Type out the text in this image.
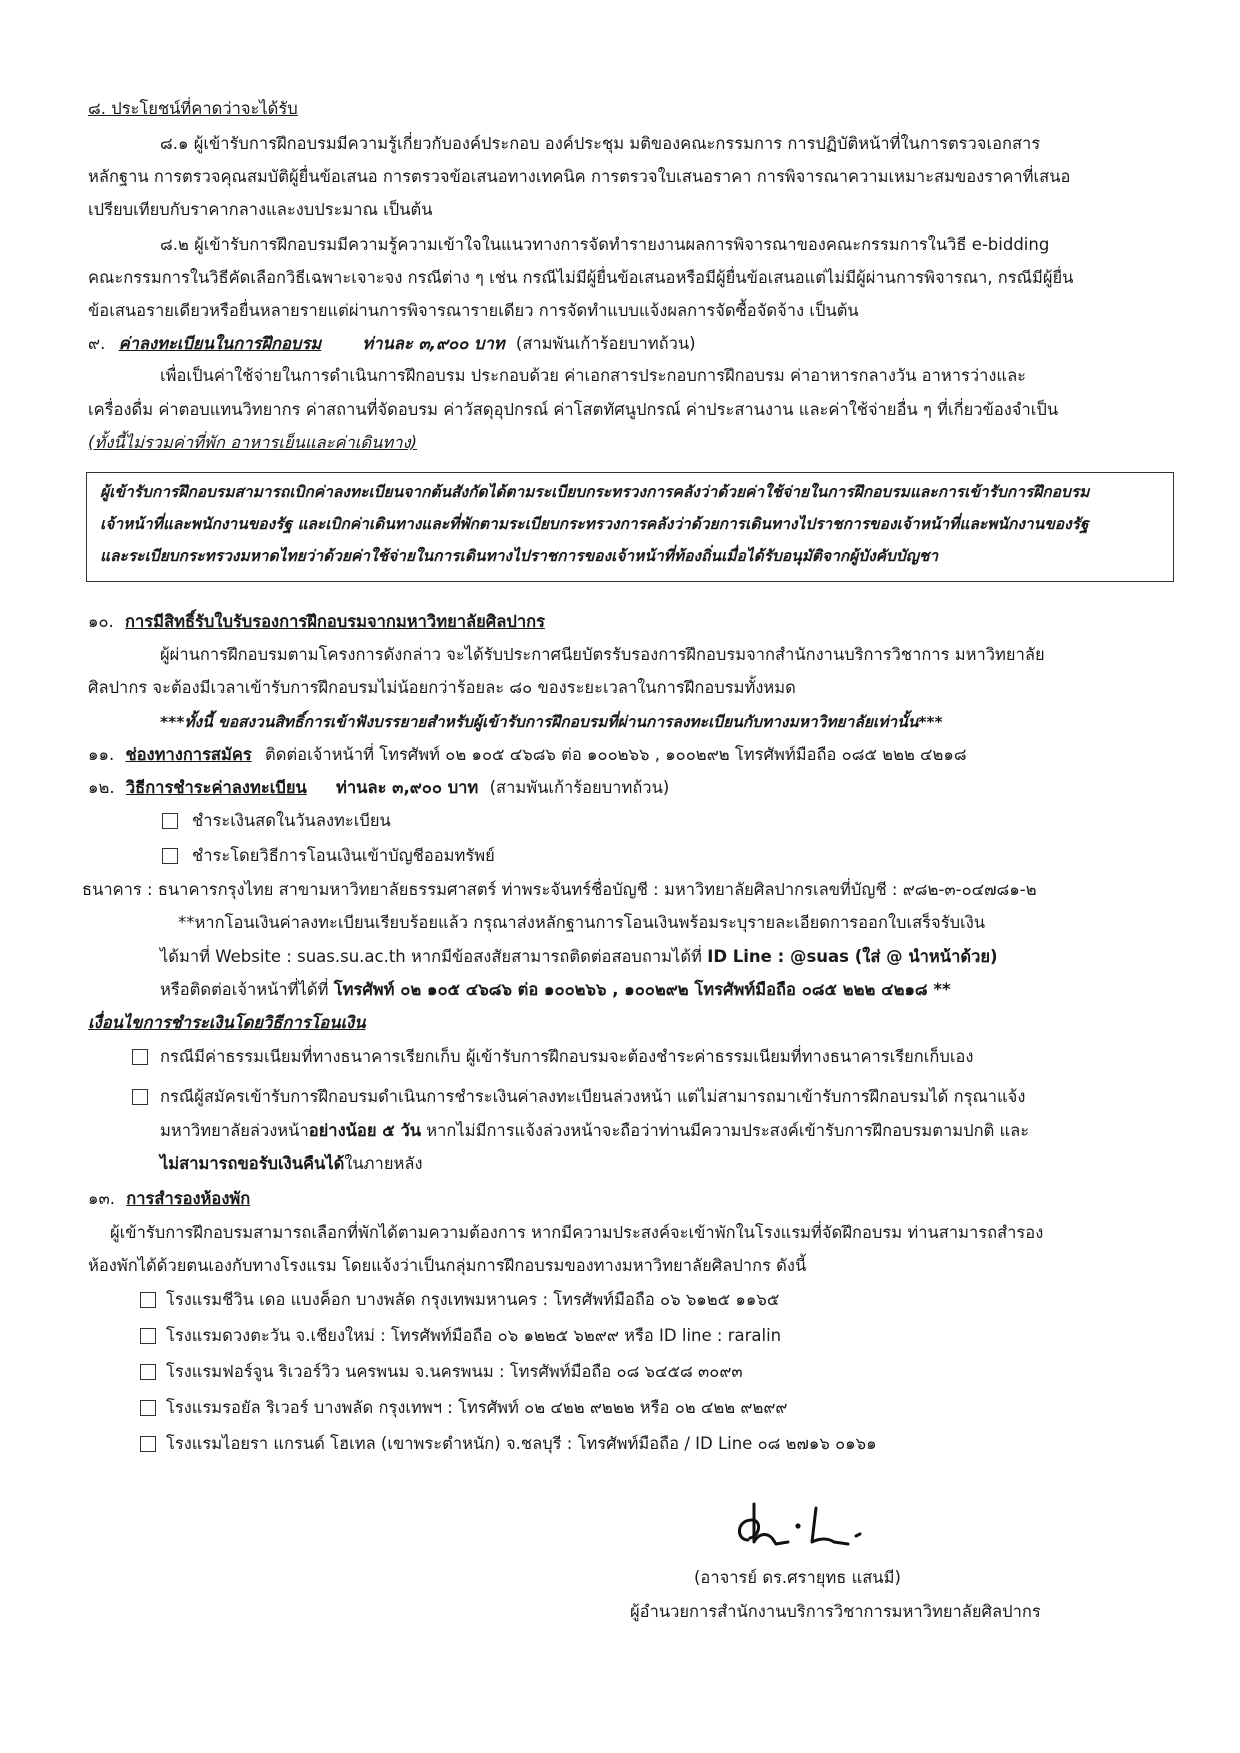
๘. ประโยชน์ที่คาดว่าจะได้รับ
๘.๑ ผู้เข้ารับการฝึกอบรมมีความรู้เกี่ยวกับองค์ประกอบ องค์ประชุม มติของคณะกรรมการ การปฏิบัติหน้าที่ในการตรวจเอกสาร
หลักฐาน การตรวจคุณสมบัติผู้ยื่นข้อเสนอ การตรวจข้อเสนอทางเทคนิค การตรวจใบเสนอราคา การพิจารณาความเหมาะสมของราคาที่เสนอ
เปรียบเทียบกับราคากลางและงบประมาณ เป็นต้น
๘.๒ ผู้เข้ารับการฝึกอบรมมีความรู้ความเข้าใจในแนวทางการจัดทำรายงานผลการพิจารณาของคณะกรรมการในวิธี e-bidding
คณะกรรมการในวิธีคัดเลือกวิธีเฉพาะเจาะจง กรณีต่าง ๆ เช่น กรณีไม่มีผู้ยื่นข้อเสนอหรือมีผู้ยื่นข้อเสนอแต่ไม่มีผู้ผ่านการพิจารณา, กรณีมีผู้ยื่น
ข้อเสนอรายเดียวหรือยื่นหลายรายแต่ผ่านการพิจารณารายเดียว การจัดทำแบบแจ้งผลการจัดซื้อจัดจ้าง เป็นต้น
๙. ค่าลงทะเบียนในการฝึกอบรม	ท่านละ ๓,๙๐๐ บาท (สามพันเก้าร้อยบาทถ้วน)
เพื่อเป็นค่าใช้จ่ายในการดำเนินการฝึกอบรม ประกอบด้วย ค่าเอกสารประกอบการฝึกอบรม ค่าอาหารกลางวัน อาหารว่างและ
เครื่องดื่ม ค่าตอบแทนวิทยากร ค่าสถานที่จัดอบรม ค่าวัสดุอุปกรณ์ ค่าโสตทัศนูปกรณ์ ค่าประสานงาน และค่าใช้จ่ายอื่น ๆ ที่เกี่ยวข้องจำเป็น
(ทั้งนี้ไม่รวมค่าที่พัก อาหารเย็นและค่าเดินทาง)
ผู้เข้ารับการฝึกอบรมสามารถเบิกค่าลงทะเบียนจากต้นสังกัดได้ตามระเบียบกระทรวงการคลังว่าด้วยค่าใช้จ่ายในการฝึกอบรมและการเข้ารับการฝึกอบรม
เจ้าหน้าที่และพนักงานของรัฐ และเบิกค่าเดินทางและที่พักตามระเบียบกระทรวงการคลังว่าด้วยการเดินทางไปราชการของเจ้าหน้าที่และพนักงานของรัฐ
และระเบียบกระทรวงมหาดไทยว่าด้วยค่าใช้จ่ายในการเดินทางไปราชการของเจ้าหน้าที่ท้องถิ่นเมื่อได้รับอนุมัติจากผู้บังคับบัญชา
๑๐. การมีสิทธิ์รับใบรับรองการฝึกอบรมจากมหาวิทยาลัยศิลปากร
ผู้ผ่านการฝึกอบรมตามโครงการดังกล่าว จะได้รับประกาศนียบัตรรับรองการฝึกอบรมจากสำนักงานบริการวิชาการ มหาวิทยาลัย
ศิลปากร จะต้องมีเวลาเข้ารับการฝึกอบรมไม่น้อยกว่าร้อยละ ๘๐ ของระยะเวลาในการฝึกอบรมทั้งหมด
***ทั้งนี้ ขอสงวนสิทธิ์การเข้าฟังบรรยายสำหรับผู้เข้ารับการฝึกอบรมที่ผ่านการลงทะเบียนกับทางมหาวิทยาลัยเท่านั้น***
๑๑. ช่องทางการสมัคร ติดต่อเจ้าหน้าที่ โทรศัพท์ ๐๒ ๑๐๕ ๔๖๘๖ ต่อ ๑๐๐๒๖๖ , ๑๐๐๒๙๒ โทรศัพท์มือถือ ๐๘๕ ๒๒๒ ๔๒๑๘
๑๒. วิธีการชำระค่าลงทะเบียน ท่านละ ๓,๙๐๐ บาท (สามพันเก้าร้อยบาทถ้วน)
ชำระเงินสดในวันลงทะเบียน
ชำระโดยวิธีการโอนเงินเข้าบัญชีออมทรัพย์
ธนาคาร : ธนาคารกรุงไทย สาขามหาวิทยาลัยธรรมศาสตร์ ท่าพระจันทร์ชื่อบัญชี : มหาวิทยาลัยศิลปากรเลขที่บัญชี : ๙๘๒-๓-๐๔๗๘๑-๒
**หากโอนเงินค่าลงทะเบียนเรียบร้อยแล้ว กรุณาส่งหลักฐานการโอนเงินพร้อมระบุรายละเอียดการออกใบเสร็จรับเงิน
ได้มาที่ Website : suas.su.ac.th หากมีข้อสงสัยสามารถติดต่อสอบถามได้ที่ ID Line : @suas (ใส่ @ นำหน้าด้วย)
หรือติดต่อเจ้าหน้าที่ได้ที่ โทรศัพท์ ๐๒ ๑๐๕ ๔๖๘๖ ต่อ ๑๐๐๒๖๖ , ๑๐๐๒๙๒ โทรศัพท์มือถือ ๐๘๕ ๒๒๒ ๔๒๑๘ **
เงื่อนไขการชำระเงินโดยวิธีการโอนเงิน
กรณีมีค่าธรรมเนียมที่ทางธนาคารเรียกเก็บ ผู้เข้ารับการฝึกอบรมจะต้องชำระค่าธรรมเนียมที่ทางธนาคารเรียกเก็บเอง
กรณีผู้สมัครเข้ารับการฝึกอบรมดำเนินการชำระเงินค่าลงทะเบียนล่วงหน้า แต่ไม่สามารถมาเข้ารับการฝึกอบรมได้ กรุณาแจ้ง
มหาวิทยาลัยล่วงหน้าอย่างน้อย ๕ วัน หากไม่มีการแจ้งล่วงหน้าจะถือว่าท่านมีความประสงค์เข้ารับการฝึกอบรมตามปกติ และ
ไม่สามารถขอรับเงินคืนได้ในภายหลัง
๑๓. การสำรองห้องพัก
ผู้เข้ารับการฝึกอบรมสามารถเลือกที่พักได้ตามความต้องการ หากมีความประสงค์จะเข้าพักในโรงแรมที่จัดฝึกอบรม ท่านสามารถสำรอง
ห้องพักได้ด้วยตนเองกับทางโรงแรม โดยแจ้งว่าเป็นกลุ่มการฝึกอบรมของทางมหาวิทยาลัยศิลปากร ดังนี้
โรงแรมชีวิน เดอ แบงค็อก บางพลัด กรุงเทพมหานคร : โทรศัพท์มือถือ ๐๖ ๖๑๒๕ ๑๑๖๕
โรงแรมดวงตะวัน จ.เชียงใหม่ : โทรศัพท์มือถือ ๐๖ ๑๒๒๕ ๖๒๙๙ หรือ ID line : raralin
โรงแรมฟอร์จูน ริเวอร์วิว นครพนม จ.นครพนม : โทรศัพท์มือถือ ๐๘ ๖๔๕๘ ๓๐๙๓
โรงแรมรอยัล ริเวอร์ บางพลัด กรุงเทพฯ : โทรศัพท์ ๐๒ ๔๒๒ ๙๒๒๒ หรือ ๐๒ ๔๒๒ ๙๒๙๙
โรงแรมไอยรา แกรนด์ โฮเทล (เขาพระตำหนัก) จ.ชลบุรี : โทรศัพท์มือถือ / ID Line ๐๘ ๒๗๑๖ ๐๑๖๑
(อาจารย์ ดร.ศรายุทธ แสนมี)
ผู้อำนวยการสำนักงานบริการวิชาการมหาวิทยาลัยศิลปากร
